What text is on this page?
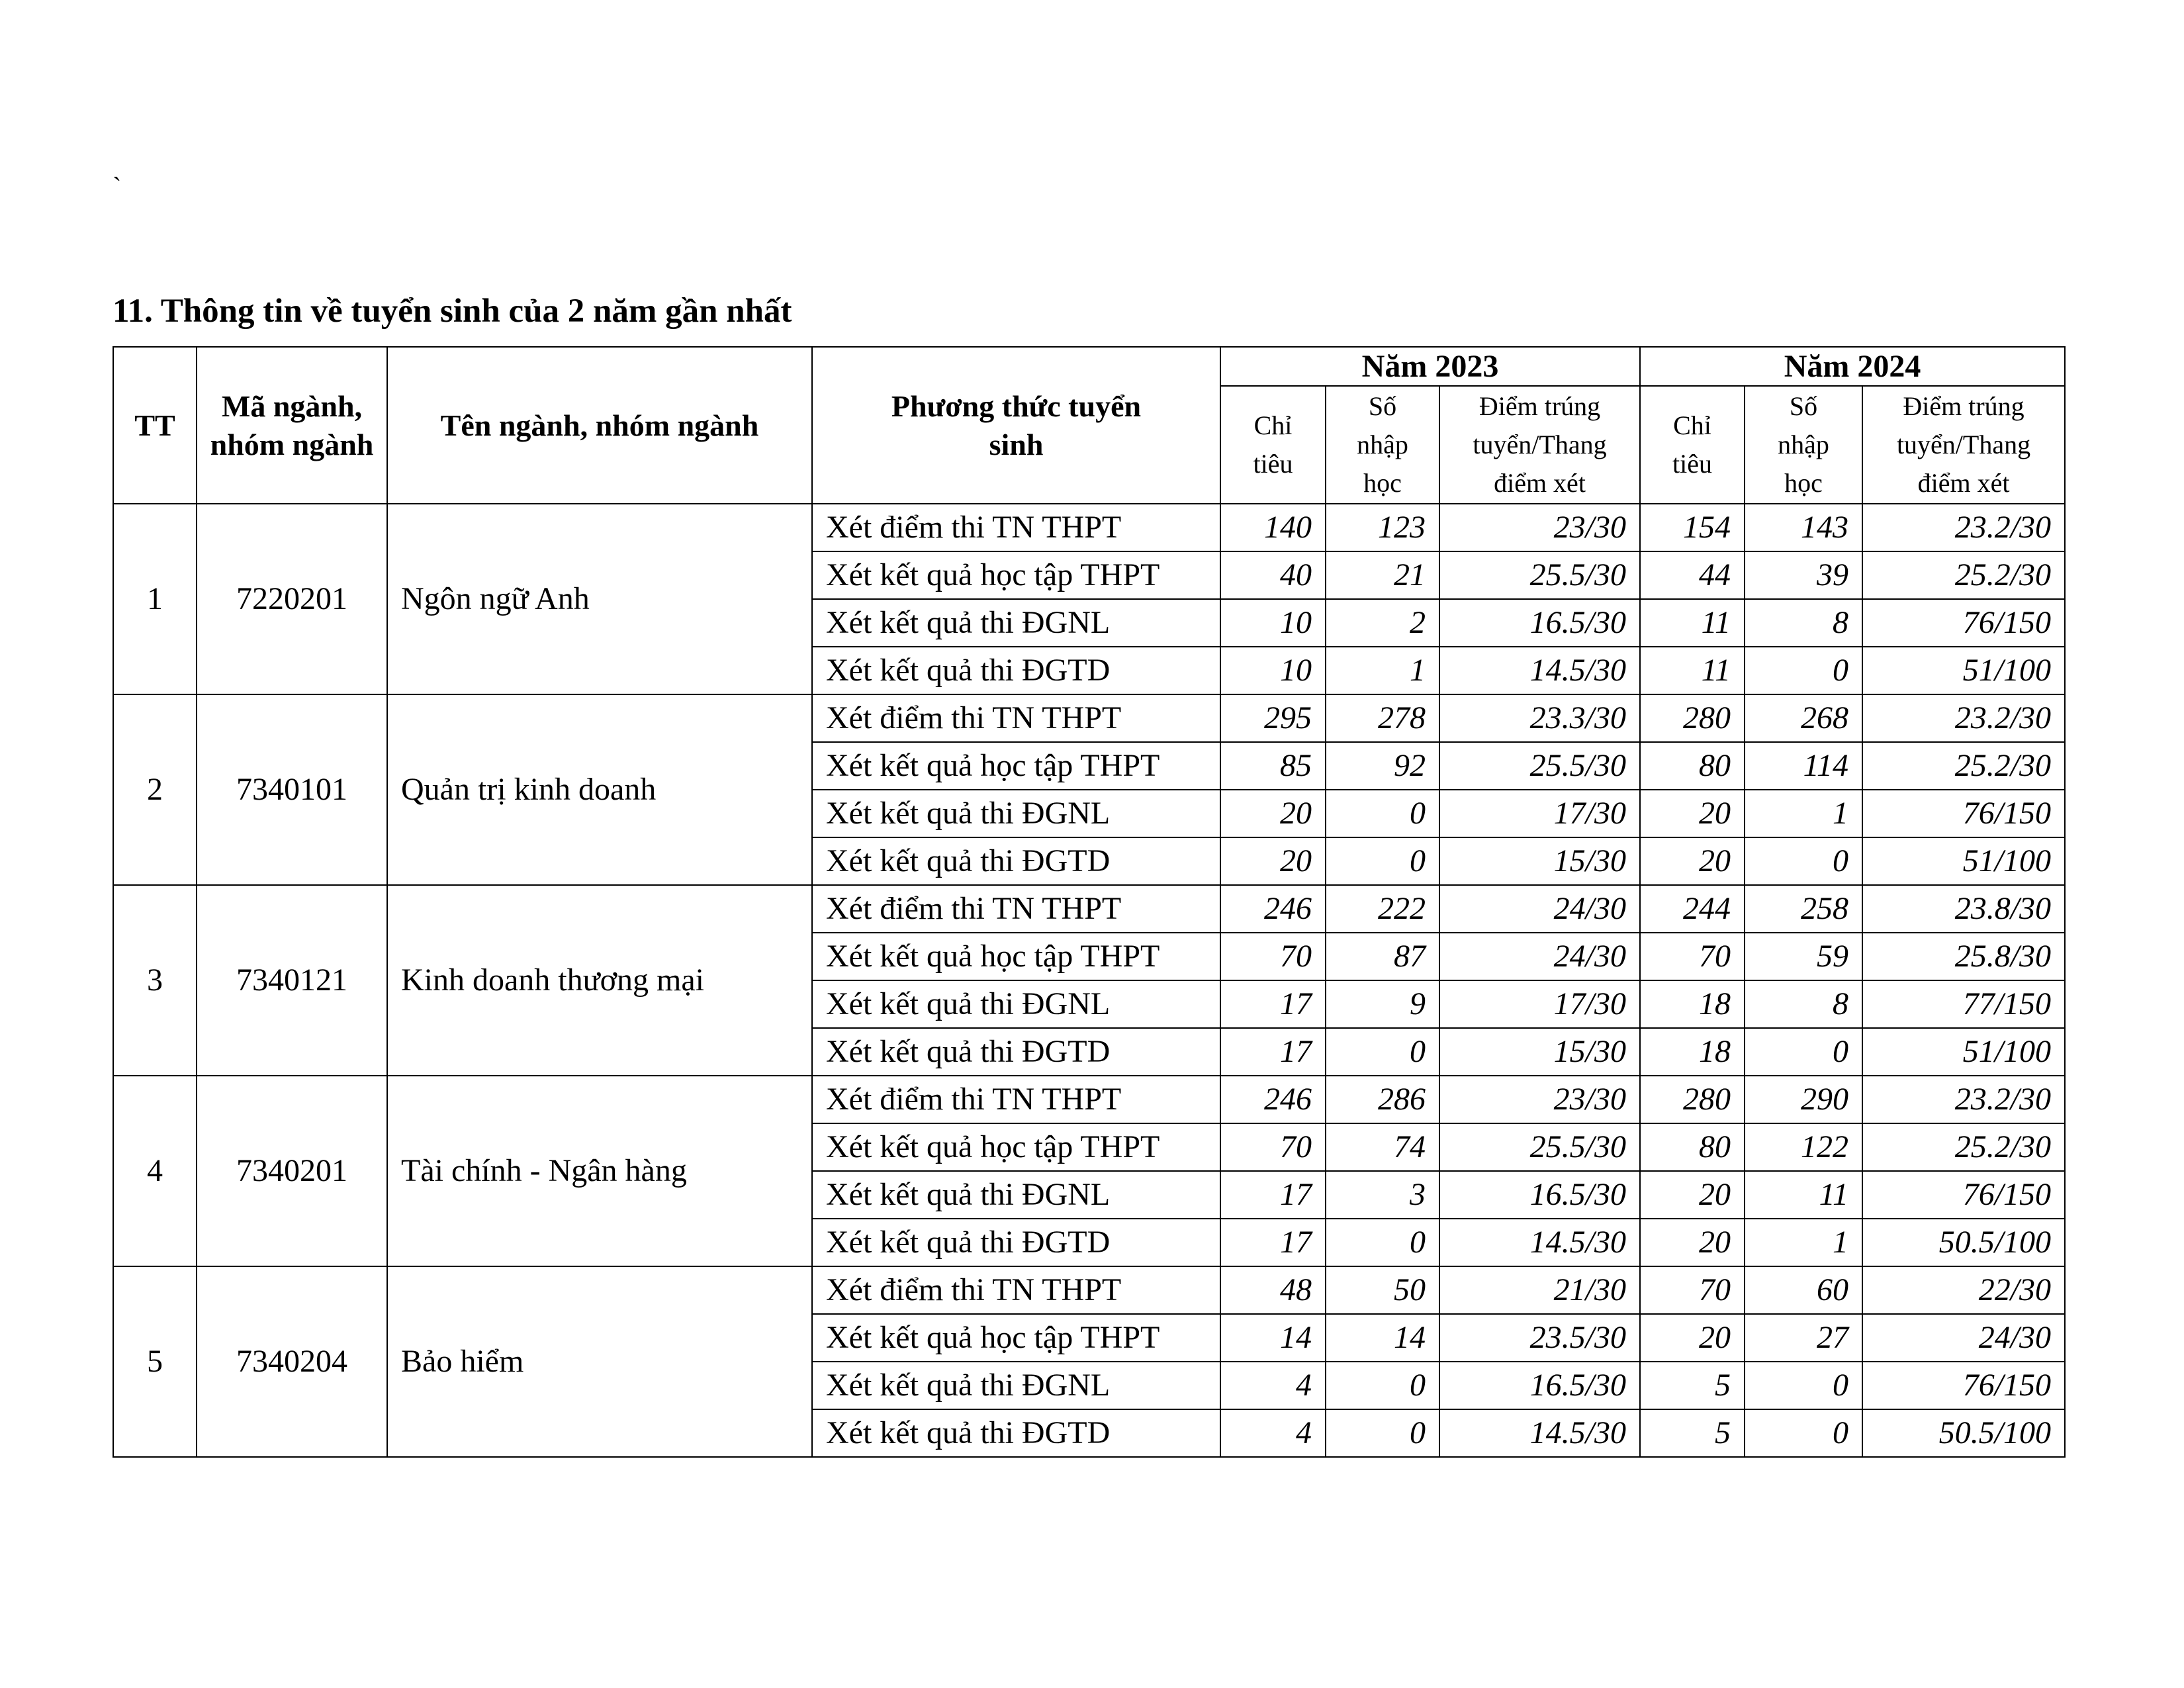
`
11. Thông tin về tuyển sinh của 2 năm gần nhất
TT	Mã ngành, nhóm ngành	Tên ngành, nhóm ngành	Phương thức tuyển sinh	Năm 2023			Năm 2024		
				Chỉ tiêu	Số nhập học	Điểm trúng tuyển/Thang điểm xét	Chỉ tiêu	Số nhập học	Điểm trúng tuyển/Thang điểm xét
1	7220201	Ngôn ngữ Anh	Xét điểm thi TN THPT	140	123	23/30	154	143	23.2/30
			Xét kết quả học tập THPT	40	21	25.5/30	44	39	25.2/30
			Xét kết quả thi ĐGNL	10	2	16.5/30	11	8	76/150
			Xét kết quả thi ĐGTD	10	1	14.5/30	11	0	51/100
2	7340101	Quản trị kinh doanh	Xét điểm thi TN THPT	295	278	23.3/30	280	268	23.2/30
			Xét kết quả học tập THPT	85	92	25.5/30	80	114	25.2/30
			Xét kết quả thi ĐGNL	20	0	17/30	20	1	76/150
			Xét kết quả thi ĐGTD	20	0	15/30	20	0	51/100
3	7340121	Kinh doanh thương mại	Xét điểm thi TN THPT	246	222	24/30	244	258	23.8/30
			Xét kết quả học tập THPT	70	87	24/30	70	59	25.8/30
			Xét kết quả thi ĐGNL	17	9	17/30	18	8	77/150
			Xét kết quả thi ĐGTD	17	0	15/30	18	0	51/100
4	7340201	Tài chính - Ngân hàng	Xét điểm thi TN THPT	246	286	23/30	280	290	23.2/30
			Xét kết quả học tập THPT	70	74	25.5/30	80	122	25.2/30
			Xét kết quả thi ĐGNL	17	3	16.5/30	20	11	76/150
			Xét kết quả thi ĐGTD	17	0	14.5/30	20	1	50.5/100
5	7340204	Bảo hiểm	Xét điểm thi TN THPT	48	50	21/30	70	60	22/30
			Xét kết quả học tập THPT	14	14	23.5/30	20	27	24/30
			Xét kết quả thi ĐGNL	4	0	16.5/30	5	0	76/150
			Xét kết quả thi ĐGTD	4	0	14.5/30	5	0	50.5/100
